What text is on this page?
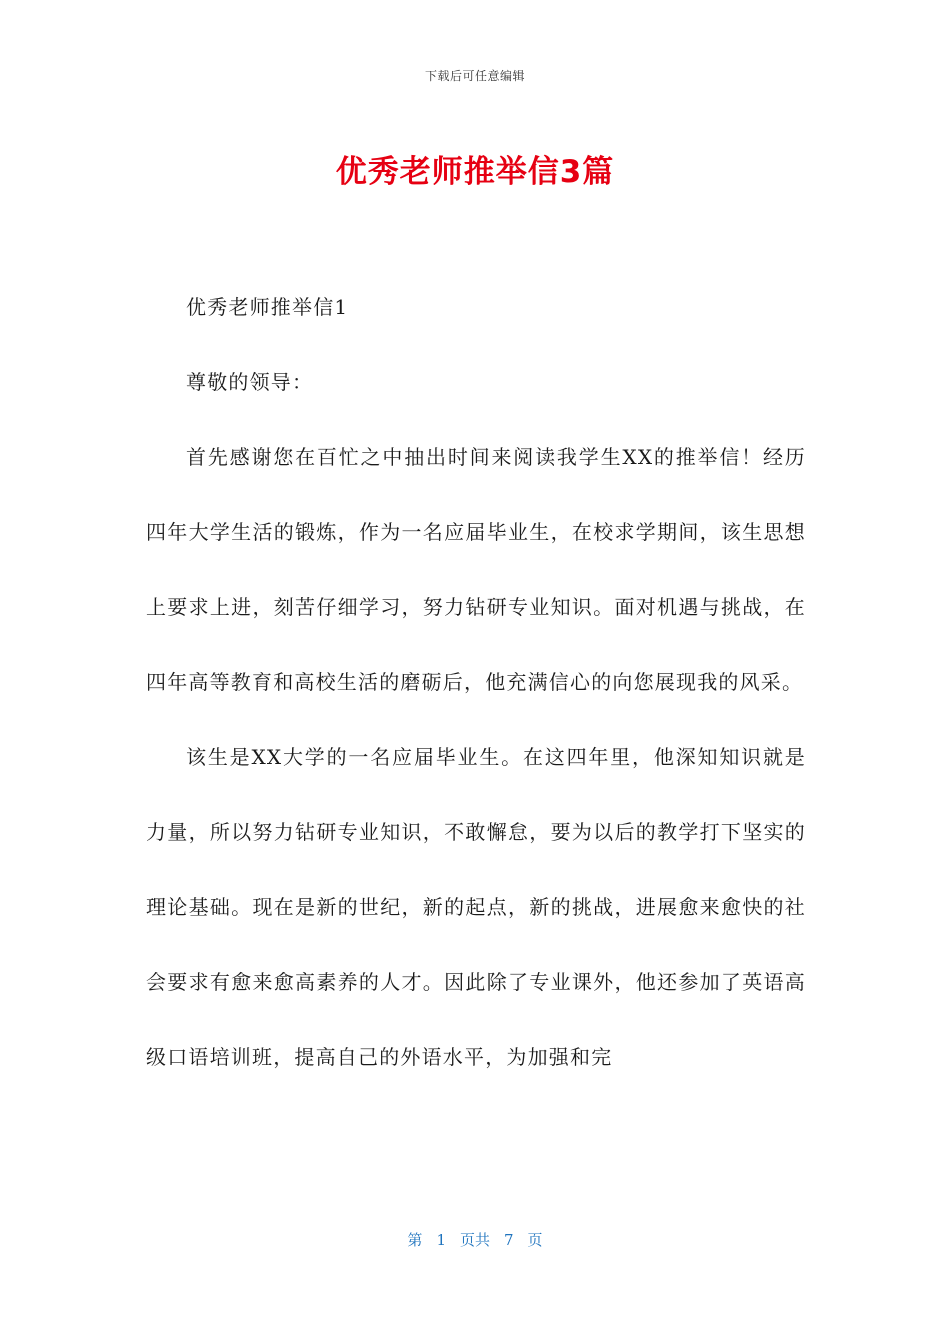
下载后可任意编辑
优秀老师推举信3篇

优秀老师推举信1

尊敬的领导：

首先感谢您在百忙之中抽出时间来阅读我学生XX的推举信！经历四年大学生活的锻炼，作为一名应届毕业生，在校求学期间，该生思想上要求上进，刻苦仔细学习，努力钻研专业知识。面对机遇与挑战，在四年高等教育和高校生活的磨砺后，他充满信心的向您展现我的风采。

该生是XX大学的一名应届毕业生。在这四年里，他深知知识就是力量，所以努力钻研专业知识，不敢懈怠，要为以后的教学打下坚实的理论基础。现在是新的世纪，新的起点，新的挑战，进展愈来愈快的社会要求有愈来愈高素养的人才。因此除了专业课外，他还参加了英语高级口语培训班，提高自己的外语水平，为加强和完

第 1 页共 7 页
